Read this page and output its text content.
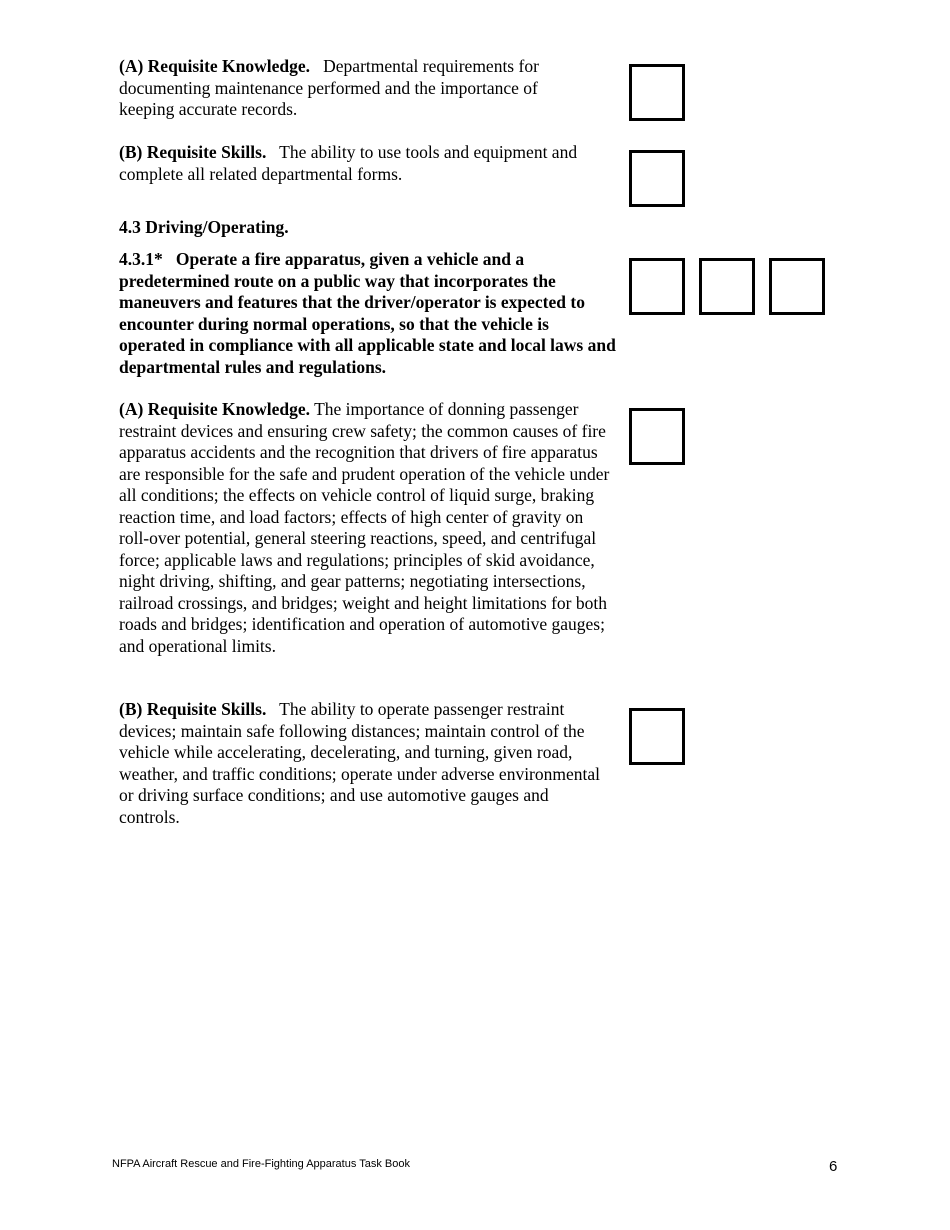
(A) Requisite Knowledge. Departmental requirements for documenting maintenance performed and the importance of keeping accurate records.

(B) Requisite Skills. The ability to use tools and equipment and complete all related departmental forms.

4.3 Driving/Operating.

4.3.1* Operate a fire apparatus, given a vehicle and a predetermined route on a public way that incorporates the maneuvers and features that the driver/operator is expected to encounter during normal operations, so that the vehicle is operated in compliance with all applicable state and local laws and departmental rules and regulations.

(A) Requisite Knowledge. The importance of donning passenger restraint devices and ensuring crew safety; the common causes of fire apparatus accidents and the recognition that drivers of fire apparatus are responsible for the safe and prudent operation of the vehicle under all conditions; the effects on vehicle control of liquid surge, braking reaction time, and load factors; effects of high center of gravity on roll-over potential, general steering reactions, speed, and centrifugal force; applicable laws and regulations; principles of skid avoidance, night driving, shifting, and gear patterns; negotiating intersections, railroad crossings, and bridges; weight and height limitations for both roads and bridges; identification and operation of automotive gauges; and operational limits.

(B) Requisite Skills. The ability to operate passenger restraint devices; maintain safe following distances; maintain control of the vehicle while accelerating, decelerating, and turning, given road, weather, and traffic conditions; operate under adverse environmental or driving surface conditions; and use automotive gauges and controls.

NFPA Aircraft Rescue and Fire-Fighting Apparatus Task Book	6
